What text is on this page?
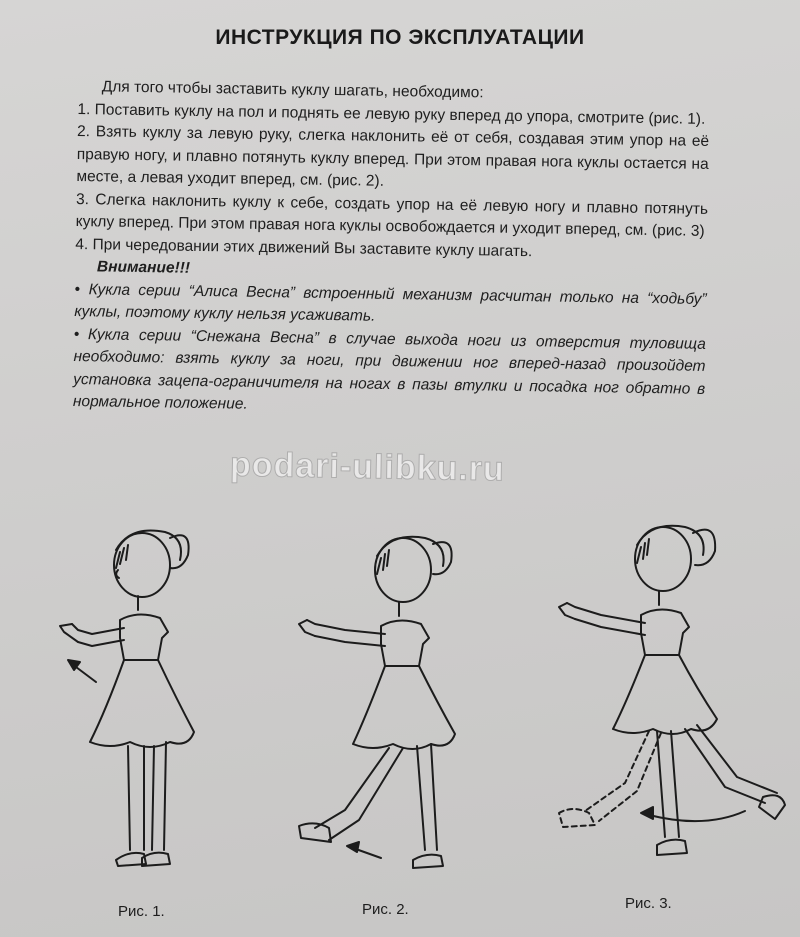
ИНСТРУКЦИЯ ПО ЭКСПЛУАТАЦИИ

Для того чтобы заставить куклу шагать, необходимо:

1. Поставить куклу на пол и поднять ее левую руку вперед до упора, смотрите (рис. 1).

2. Взять куклу за левую руку, слегка наклонить её от себя, создавая этим упор на её правую ногу, и плавно потянуть куклу вперед. При этом правая нога куклы остается на месте, а левая уходит вперед, см. (рис. 2).

3. Слегка наклонить куклу к себе, создать упор на её левую ногу и плавно потянуть куклу вперед. При этом правая нога куклы освобождается и уходит вперед, см. (рис. 3)

4. При чередовании этих движений Вы заставите куклу шагать.

Внимание!!!

• Кукла серии “Алиса Весна” встроенный механизм расчитан только на “ходьбу” куклы, поэтому куклу нельзя усаживать.

• Кукла серии “Снежана Весна” в случае выхода ноги из отверстия туловища необходимо: взять куклу за ноги, при движении ног вперед-назад произойдет установка зацепа-ограничителя на ногах в пазы втулки и посадка ног обратно в нормальное положение.

podari-ulibku.ru
Рис. 1.	Рис. 2.	Рис. 3.
